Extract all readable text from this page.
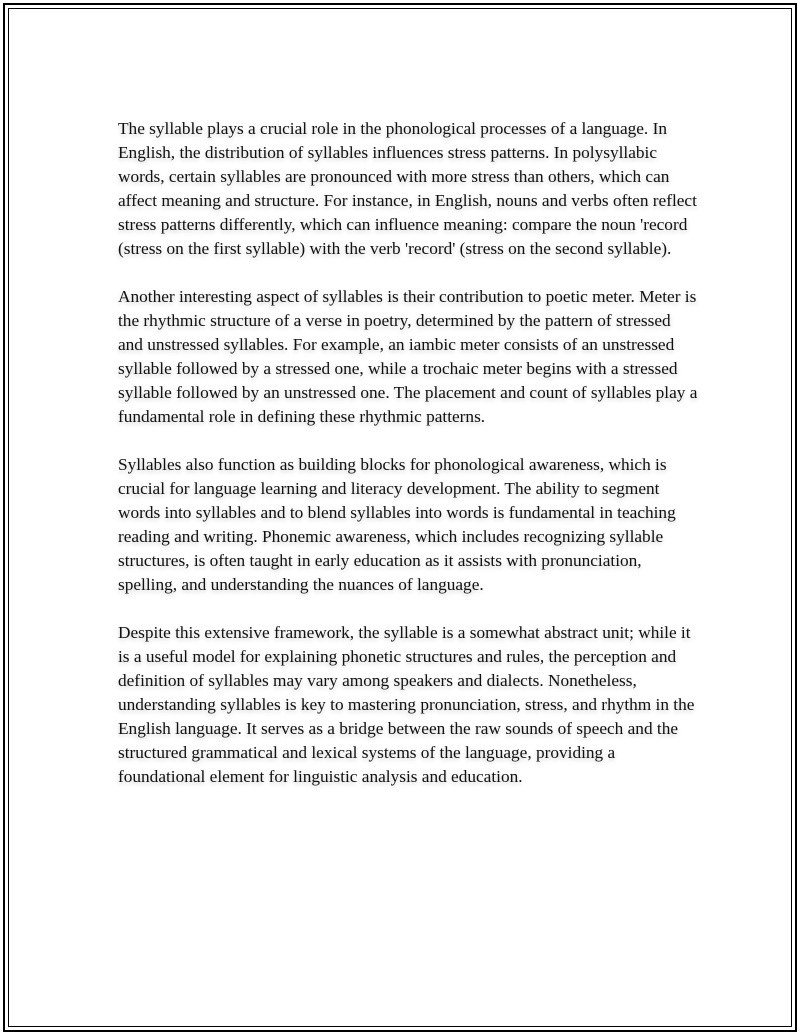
The syllable plays a crucial role in the phonological processes of a language. In English, the distribution of syllables influences stress patterns. In polysyllabic words, certain syllables are pronounced with more stress than others, which can affect meaning and structure. For instance, in English, nouns and verbs often reflect stress patterns differently, which can influence meaning: compare the noun 'record (stress on the first syllable) with the verb 'record' (stress on the second syllable).

Another interesting aspect of syllables is their contribution to poetic meter. Meter is the rhythmic structure of a verse in poetry, determined by the pattern of stressed and unstressed syllables. For example, an iambic meter consists of an unstressed syllable followed by a stressed one, while a trochaic meter begins with a stressed syllable followed by an unstressed one. The placement and count of syllables play a fundamental role in defining these rhythmic patterns.

Syllables also function as building blocks for phonological awareness, which is crucial for language learning and literacy development. The ability to segment words into syllables and to blend syllables into words is fundamental in teaching reading and writing. Phonemic awareness, which includes recognizing syllable structures, is often taught in early education as it assists with pronunciation, spelling, and understanding the nuances of language.

Despite this extensive framework, the syllable is a somewhat abstract unit; while it is a useful model for explaining phonetic structures and rules, the perception and definition of syllables may vary among speakers and dialects. Nonetheless, understanding syllables is key to mastering pronunciation, stress, and rhythm in the English language. It serves as a bridge between the raw sounds of speech and the structured grammatical and lexical systems of the language, providing a foundational element for linguistic analysis and education.
